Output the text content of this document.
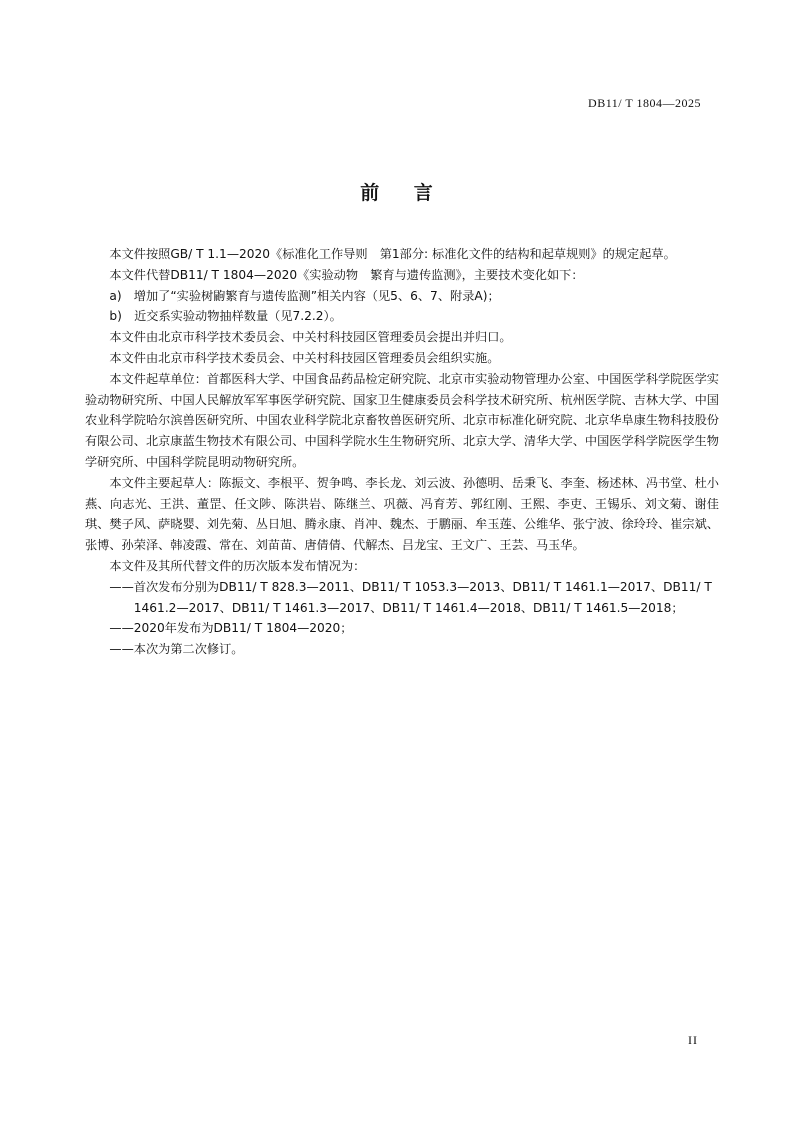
DB11/ T 1804—2025
前 言

本文件按照GB/ T 1.1—2020《标准化工作导则　第1部分: 标准化文件的结构和起草规则》的规定起草。

本文件代替DB11/ T 1804—2020《实验动物　繁育与遗传监测》，主要技术变化如下：

a)　增加了“实验树鼩繁育与遗传监测”相关内容（见5、6、7、附录A)；

b)　近交系实验动物抽样数量（见7.2.2）。

本文件由北京市科学技术委员会、中关村科技园区管理委员会提出并归口。

本文件由北京市科学技术委员会、中关村科技园区管理委员会组织实施。

本文件起草单位：首都医科大学、中国食品药品检定研究院、北京市实验动物管理办公室、中国医学科学院医学实验动物研究所、中国人民解放军军事医学研究院、国家卫生健康委员会科学技术研究所、杭州医学院、吉林大学、中国农业科学院哈尔滨兽医研究所、中国农业科学院北京畜牧兽医研究所、北京市标准化研究院、北京华阜康生物科技股份有限公司、北京康蓝生物技术有限公司、中国科学院水生生物研究所、北京大学、清华大学、中国医学科学院医学生物学研究所、中国科学院昆明动物研究所。

本文件主要起草人：陈振文、李根平、贺争鸣、李长龙、刘云波、孙德明、岳秉飞、李奎、杨述林、冯书堂、杜小燕、向志光、王洪、董罡、任文陟、陈洪岩、陈继兰、巩薇、冯育芳、郭红刚、王熙、李吏、王锡乐、刘文菊、谢佳琪、樊子风、萨晓婴、刘先菊、丛日旭、腾永康、肖冲、魏杰、于鹏丽、牟玉莲、公维华、张宁波、徐玲玲、崔宗斌、张博、孙荣泽、韩凌霞、常在、刘苗苗、唐倩倩、代解杰、吕龙宝、王文广、王芸、马玉华。

本文件及其所代替文件的历次版本发布情况为：

——首次发布分别为DB11/ T 828.3—2011、DB11/ T 1053.3—2013、DB11/ T 1461.1—2017、DB11/ T

1461.2—2017、DB11/ T 1461.3—2017、DB11/ T 1461.4—2018、DB11/ T 1461.5—2018；

——2020年发布为DB11/ T 1804—2020；

——本次为第二次修订。

II
